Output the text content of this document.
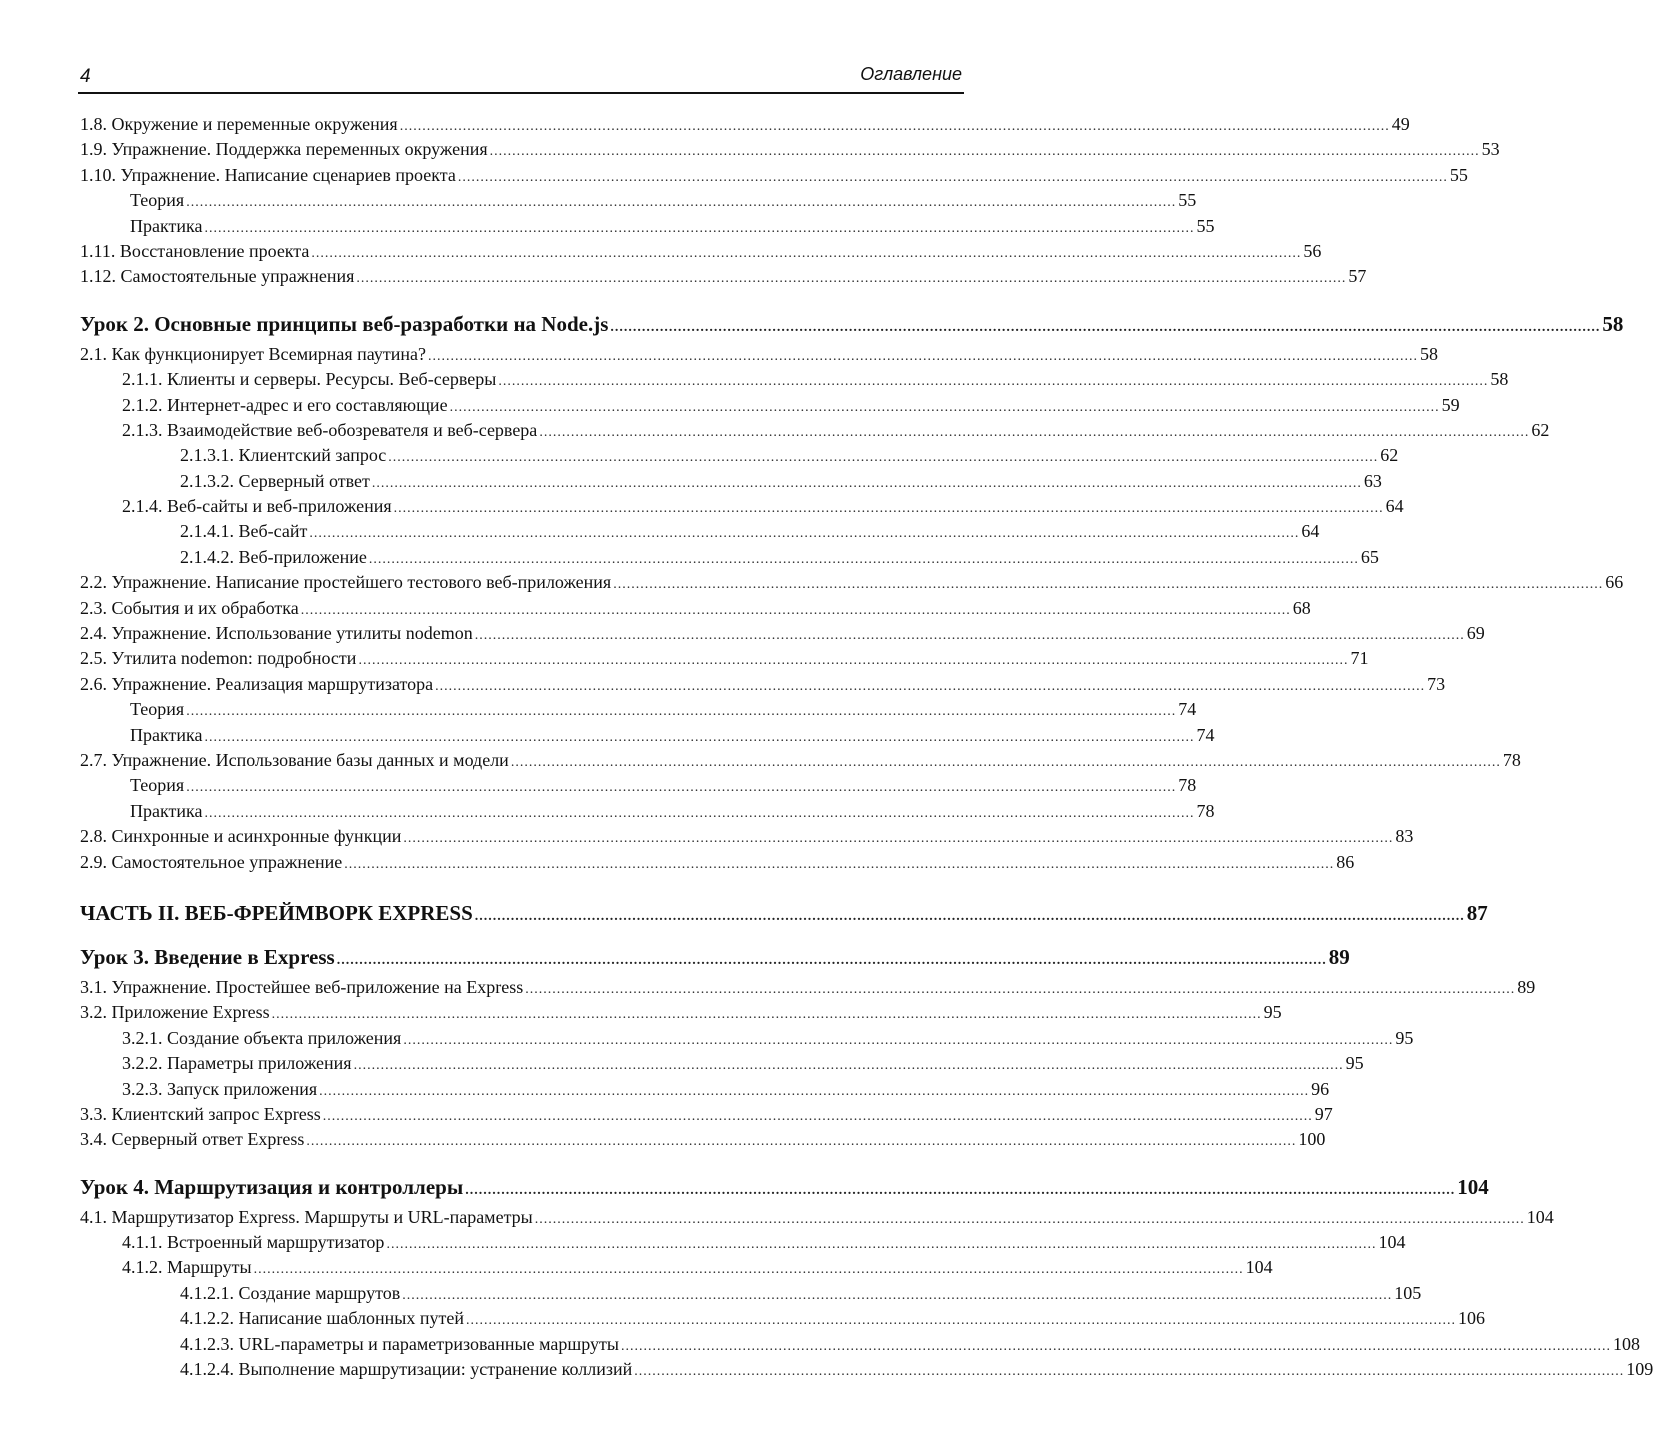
4	Оглавление
1.8. Окружение и переменные окружения ............................................................................................................................................................................................................................ 49
1.9. Упражнение. Поддержка переменных окружения ............................................................................................................................................................................................................................ 53
1.10. Упражнение. Написание сценариев проекта ............................................................................................................................................................................................................................ 55
Теория ............................................................................................................................................................................................................................ 55
Практика ............................................................................................................................................................................................................................ 55
1.11. Восстановление проекта ............................................................................................................................................................................................................................ 56
1.12. Самостоятельные упражнения ............................................................................................................................................................................................................................ 57
Урок 2. Основные принципы веб-разработки на Node.js ............................................................................................................................................................................................................................ 58
2.1. Как функционирует Всемирная паутина? ............................................................................................................................................................................................................................ 58
2.1.1. Клиенты и серверы. Ресурсы. Веб-серверы ............................................................................................................................................................................................................................ 58
2.1.2. Интернет-адрес и его составляющие ............................................................................................................................................................................................................................ 59
2.1.3. Взаимодействие веб-обозревателя и веб-сервера ............................................................................................................................................................................................................................ 62
2.1.3.1. Клиентский запрос ............................................................................................................................................................................................................................ 62
2.1.3.2. Серверный ответ ............................................................................................................................................................................................................................ 63
2.1.4. Веб-сайты и веб-приложения ............................................................................................................................................................................................................................ 64
2.1.4.1. Веб-сайт ............................................................................................................................................................................................................................ 64
2.1.4.2. Веб-приложение ............................................................................................................................................................................................................................ 65
2.2. Упражнение. Написание простейшего тестового веб-приложения ............................................................................................................................................................................................................................ 66
2.3. События и их обработка ............................................................................................................................................................................................................................ 68
2.4. Упражнение. Использование утилиты nodemon ............................................................................................................................................................................................................................ 69
2.5. Утилита nodemon: подробности ............................................................................................................................................................................................................................ 71
2.6. Упражнение. Реализация маршрутизатора ............................................................................................................................................................................................................................ 73
Теория ............................................................................................................................................................................................................................ 74
Практика ............................................................................................................................................................................................................................ 74
2.7. Упражнение. Использование базы данных и модели ............................................................................................................................................................................................................................ 78
Теория ............................................................................................................................................................................................................................ 78
Практика ............................................................................................................................................................................................................................ 78
2.8. Синхронные и асинхронные функции ............................................................................................................................................................................................................................ 83
2.9. Самостоятельное упражнение ............................................................................................................................................................................................................................ 86
ЧАСТЬ II. ВЕБ-ФРЕЙМВОРК EXPRESS ............................................................................................................................................................................................................................ 87
Урок 3. Введение в Express ............................................................................................................................................................................................................................ 89
3.1. Упражнение. Простейшее веб-приложение на Express ............................................................................................................................................................................................................................ 89
3.2. Приложение Express ............................................................................................................................................................................................................................ 95
3.2.1. Создание объекта приложения ............................................................................................................................................................................................................................ 95
3.2.2. Параметры приложения ............................................................................................................................................................................................................................ 95
3.2.3. Запуск приложения ............................................................................................................................................................................................................................ 96
3.3. Клиентский запрос Express ............................................................................................................................................................................................................................ 97
3.4. Серверный ответ Express ............................................................................................................................................................................................................................ 100
Урок 4. Маршрутизация и контроллеры ............................................................................................................................................................................................................................ 104
4.1. Маршрутизатор Express. Маршруты и URL-параметры ............................................................................................................................................................................................................................ 104
4.1.1. Встроенный маршрутизатор ............................................................................................................................................................................................................................ 104
4.1.2. Маршруты ............................................................................................................................................................................................................................ 104
4.1.2.1. Создание маршрутов ............................................................................................................................................................................................................................ 105
4.1.2.2. Написание шаблонных путей ............................................................................................................................................................................................................................ 106
4.1.2.3. URL-параметры и параметризованные маршруты ............................................................................................................................................................................................................................ 108
4.1.2.4. Выполнение маршрутизации: устранение коллизий ............................................................................................................................................................................................................................ 109
